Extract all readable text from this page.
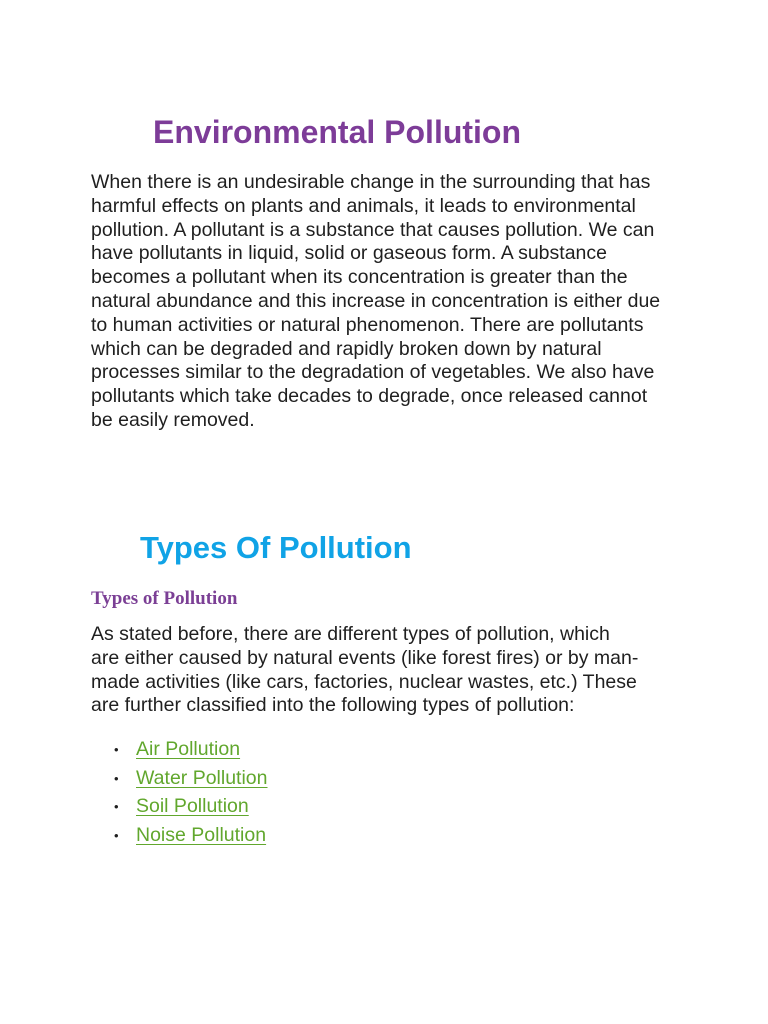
Environmental Pollution

When there is an undesirable change in the surrounding that has
harmful effects on plants and animals, it leads to environmental
pollution. A pollutant is a substance that causes pollution. We can
have pollutants in liquid, solid or gaseous form. A substance
becomes a pollutant when its concentration is greater than the
natural abundance and this increase in concentration is either due
to human activities or natural phenomenon. There are pollutants
which can be degraded and rapidly broken down by natural
processes similar to the degradation of vegetables. We also have
pollutants which take decades to degrade, once released cannot
be easily removed.

Types Of Pollution
Types of Pollution

As stated before, there are different types of pollution, which
are either caused by natural events (like forest fires) or by man-
made activities (like cars, factories, nuclear wastes, etc.) These
are further classified into the following types of pollution:

• Air Pollution
• Water Pollution
• Soil Pollution
• Noise Pollution
